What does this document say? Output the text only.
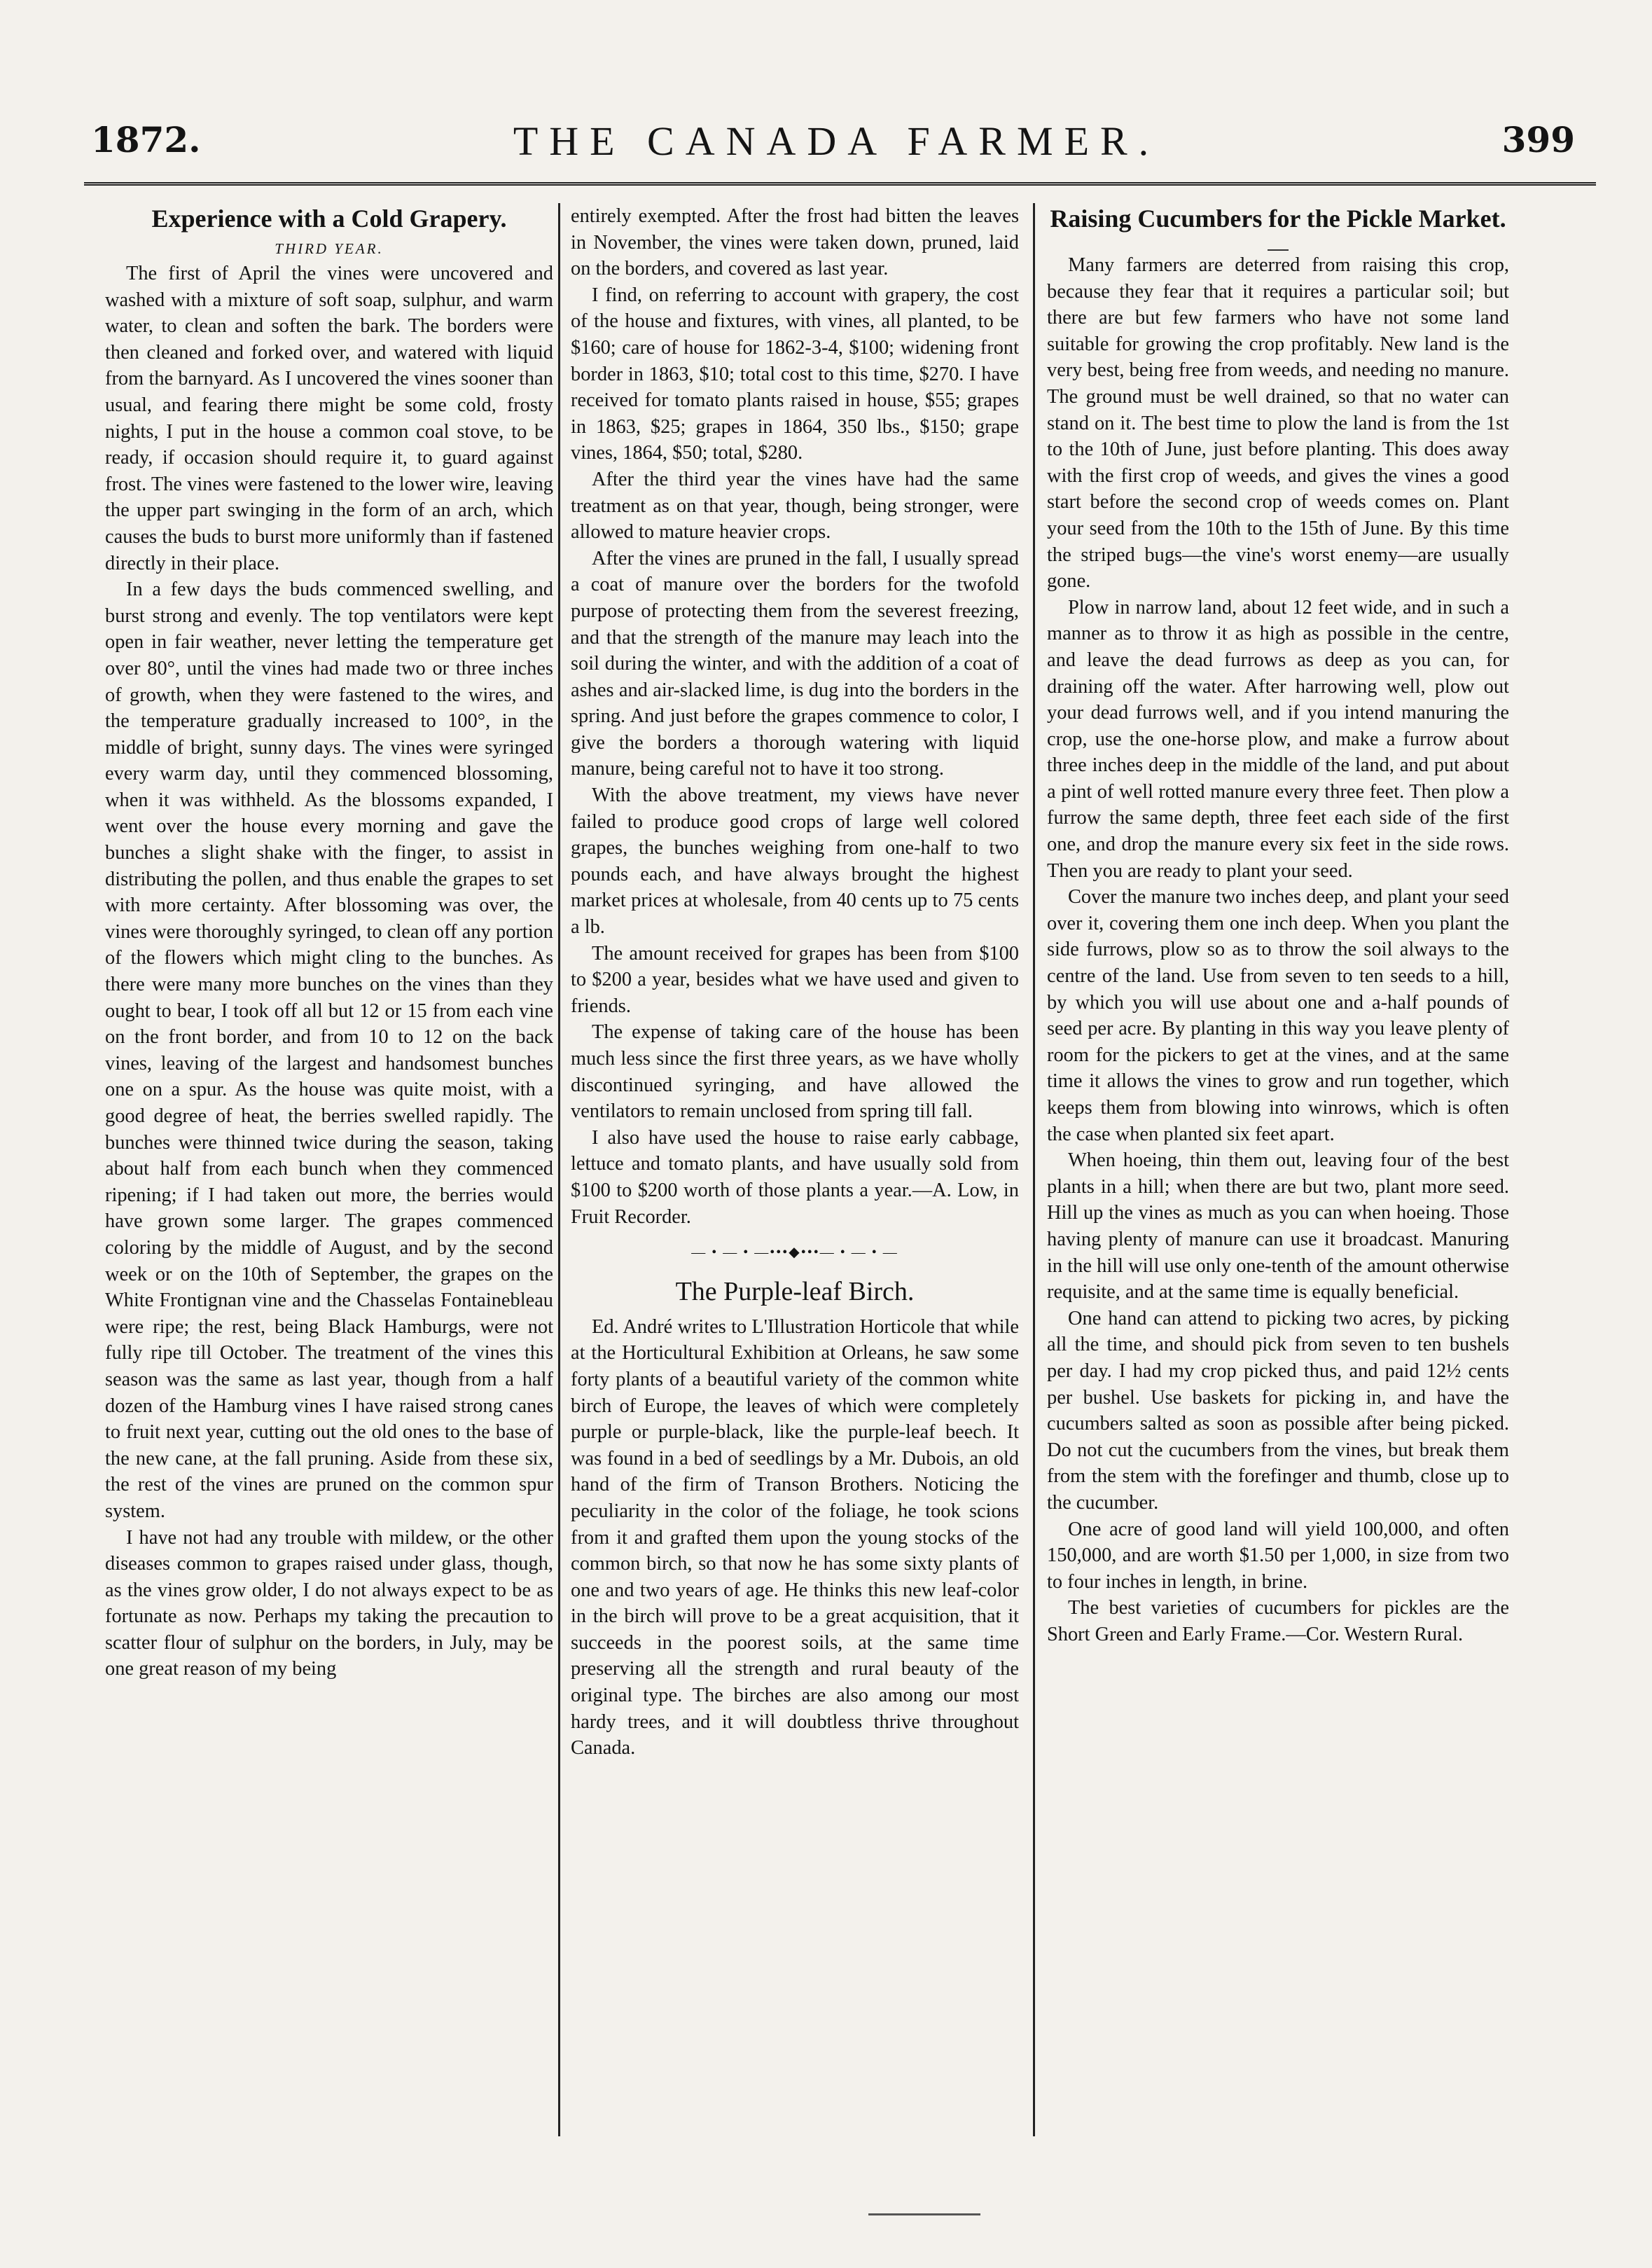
1872.	THE CANADA FARMER.	399
Experience with a Cold Grapery.
THIRD YEAR.

The first of April the vines were uncovered and washed with a mixture of soft soap, sulphur, and warm water, to clean and soften the bark. The borders were then cleaned and forked over, and watered with liquid from the barnyard. As I uncovered the vines sooner than usual, and fearing there might be some cold, frosty nights, I put in the house a common coal stove, to be ready, if occasion should require it, to guard against frost. The vines were fastened to the lower wire, leaving the upper part swinging in the form of an arch, which causes the buds to burst more uniformly than if fastened directly in their place.

In a few days the buds commenced swelling, and burst strong and evenly. The top ventilators were kept open in fair weather, never letting the temperature get over 80°, until the vines had made two or three inches of growth, when they were fastened to the wires, and the temperature gradually increased to 100°, in the middle of bright, sunny days. The vines were syringed every warm day, until they commenced blossoming, when it was withheld. As the blossoms expanded, I went over the house every morning and gave the bunches a slight shake with the finger, to assist in distributing the pollen, and thus enable the grapes to set with more certainty. After blossoming was over, the vines were thoroughly syringed, to clean off any portion of the flowers which might cling to the bunches. As there were many more bunches on the vines than they ought to bear, I took off all but 12 or 15 from each vine on the front border, and from 10 to 12 on the back vines, leaving of the largest and handsomest bunches one on a spur. As the house was quite moist, with a good degree of heat, the berries swelled rapidly. The bunches were thinned twice during the season, taking about half from each bunch when they commenced ripening; if I had taken out more, the berries would have grown some larger. The grapes commenced coloring by the middle of August, and by the second week or on the 10th of September, the grapes on the White Frontignan vine and the Chasselas Fontainebleau were ripe; the rest, being Black Hamburgs, were not fully ripe till October. The treatment of the vines this season was the same as last year, though from a half dozen of the Hamburg vines I have raised strong canes to fruit next year, cutting out the old ones to the base of the new cane, at the fall pruning. Aside from these six, the rest of the vines are pruned on the common spur system.

I have not had any trouble with mildew, or the other diseases common to grapes raised under glass, though, as the vines grow older, I do not always expect to be as fortunate as now. Perhaps my taking the precaution to scatter flour of sulphur on the borders, in July, may be one great reason of my being

entirely exempted. After the frost had bitten the leaves in November, the vines were taken down, pruned, laid on the borders, and covered as last year.

I find, on referring to account with grapery, the cost of the house and fixtures, with vines, all planted, to be $160; care of house for 1862-3-4, $100; widening front border in 1863, $10; total cost to this time, $270. I have received for tomato plants raised in house, $55; grapes in 1863, $25; grapes in 1864, 350 lbs., $150; grape vines, 1864, $50; total, $280.

After the third year the vines have had the same treatment as on that year, though, being stronger, were allowed to mature heavier crops.

After the vines are pruned in the fall, I usually spread a coat of manure over the borders for the twofold purpose of protecting them from the severest freezing, and that the strength of the manure may leach into the soil during the winter, and with the addition of a coat of ashes and air-slacked lime, is dug into the borders in the spring. And just before the grapes commence to color, I give the borders a thorough watering with liquid manure, being careful not to have it too strong.

With the above treatment, my views have never failed to produce good crops of large well colored grapes, the bunches weighing from one-half to two pounds each, and have always brought the highest market prices at wholesale, from 40 cents up to 75 cents a lb.

The amount received for grapes has been from $100 to $200 a year, besides what we have used and given to friends.

The expense of taking care of the house has been much less since the first three years, as we have wholly discontinued syringing, and have allowed the ventilators to remain unclosed from spring till fall.

I also have used the house to raise early cabbage, lettuce and tomato plants, and have usually sold from $100 to $200 worth of those plants a year.—A. Low, in Fruit Recorder.

— • — • —•••◆•••— • — • —
The Purple-leaf Birch.

Ed. André writes to L'Illustration Horticole that while at the Horticultural Exhibition at Orleans, he saw some forty plants of a beautiful variety of the common white birch of Europe, the leaves of which were completely purple or purple-black, like the purple-leaf beech. It was found in a bed of seedlings by a Mr. Dubois, an old hand of the firm of Transon Brothers. Noticing the peculiarity in the color of the foliage, he took scions from it and grafted them upon the young stocks of the common birch, so that now he has some sixty plants of one and two years of age. He thinks this new leaf-color in the birch will prove to be a great acquisition, that it succeeds in the poorest soils, at the same time preserving all the strength and rural beauty of the original type. The birches are also among our most hardy trees, and it will doubtless thrive throughout Canada.

Raising Cucumbers for the Pickle Market.

Many farmers are deterred from raising this crop, because they fear that it requires a particular soil; but there are but few farmers who have not some land suitable for growing the crop profitably. New land is the very best, being free from weeds, and needing no manure. The ground must be well drained, so that no water can stand on it. The best time to plow the land is from the 1st to the 10th of June, just before planting. This does away with the first crop of weeds, and gives the vines a good start before the second crop of weeds comes on. Plant your seed from the 10th to the 15th of June. By this time the striped bugs—the vine's worst enemy—are usually gone.

Plow in narrow land, about 12 feet wide, and in such a manner as to throw it as high as possible in the centre, and leave the dead furrows as deep as you can, for draining off the water. After harrowing well, plow out your dead furrows well, and if you intend manuring the crop, use the one-horse plow, and make a furrow about three inches deep in the middle of the land, and put about a pint of well rotted manure every three feet. Then plow a furrow the same depth, three feet each side of the first one, and drop the manure every six feet in the side rows. Then you are ready to plant your seed.

Cover the manure two inches deep, and plant your seed over it, covering them one inch deep. When you plant the side furrows, plow so as to throw the soil always to the centre of the land. Use from seven to ten seeds to a hill, by which you will use about one and a-half pounds of seed per acre. By planting in this way you leave plenty of room for the pickers to get at the vines, and at the same time it allows the vines to grow and run together, which keeps them from blowing into winrows, which is often the case when planted six feet apart.

When hoeing, thin them out, leaving four of the best plants in a hill; when there are but two, plant more seed. Hill up the vines as much as you can when hoeing. Those having plenty of manure can use it broadcast. Manuring in the hill will use only one-tenth of the amount otherwise requisite, and at the same time is equally beneficial.

One hand can attend to picking two acres, by picking all the time, and should pick from seven to ten bushels per day. I had my crop picked thus, and paid 12½ cents per bushel. Use baskets for picking in, and have the cucumbers salted as soon as possible after being picked. Do not cut the cucumbers from the vines, but break them from the stem with the forefinger and thumb, close up to the cucumber.

One acre of good land will yield 100,000, and often 150,000, and are worth $1.50 per 1,000, in size from two to four inches in length, in brine.

The best varieties of cucumbers for pickles are the Short Green and Early Frame.—Cor. Western Rural.
